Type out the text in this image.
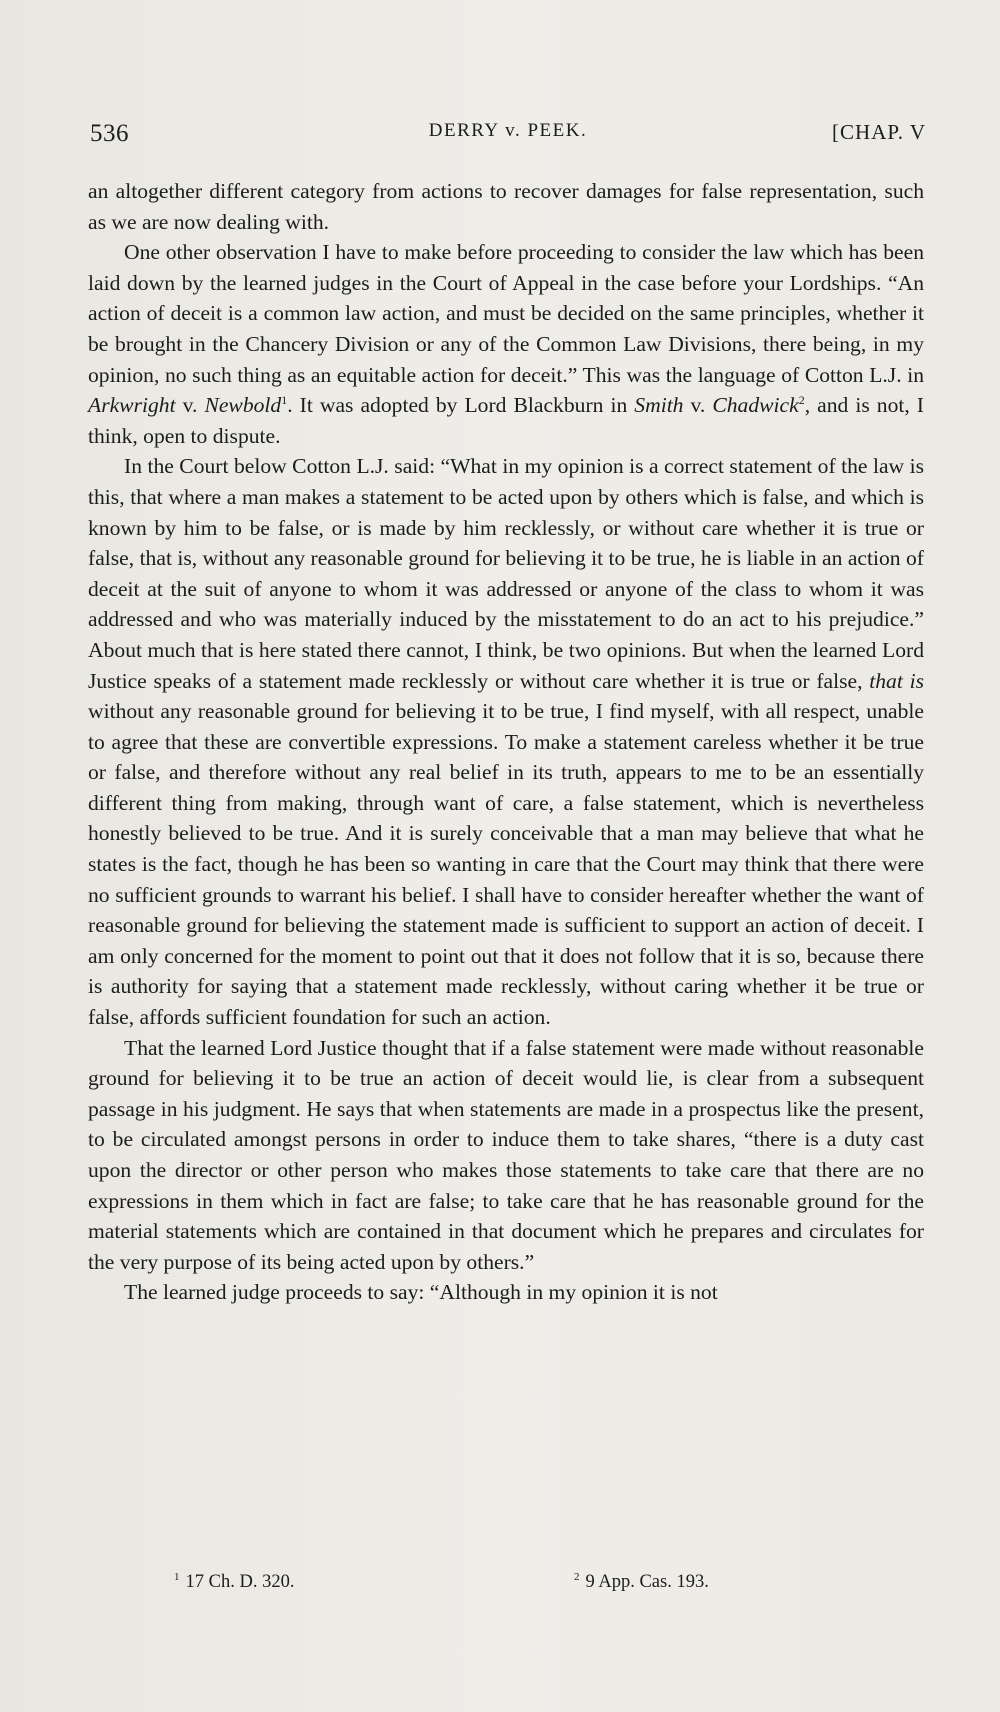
536	DERRY v. PEEK.	[CHAP. V

an altogether different category from actions to recover damages for false representation, such as we are now dealing with.

One other observation I have to make before proceeding to consider the law which has been laid down by the learned judges in the Court of Appeal in the case before your Lordships. “An action of deceit is a common law action, and must be decided on the same principles, whether it be brought in the Chancery Division or any of the Common Law Divisions, there being, in my opinion, no such thing as an equitable action for deceit.” This was the language of Cotton L.J. in Arkwright v. Newbold$^1$. It was adopted by Lord Blackburn in Smith v. Chadwick$^2$, and is not, I think, open to dispute.

In the Court below Cotton L.J. said: “What in my opinion is a correct statement of the law is this, that where a man makes a statement to be acted upon by others which is false, and which is known by him to be false, or is made by him recklessly, or without care whether it is true or false, that is, without any reasonable ground for believing it to be true, he is liable in an action of deceit at the suit of anyone to whom it was addressed or anyone of the class to whom it was addressed and who was materially induced by the misstatement to do an act to his prejudice.” About much that is here stated there cannot, I think, be two opinions. But when the learned Lord Justice speaks of a statement made recklessly or without care whether it is true or false, that is without any reasonable ground for believing it to be true, I find myself, with all respect, unable to agree that these are convertible expressions. To make a statement careless whether it be true or false, and therefore without any real belief in its truth, appears to me to be an essentially different thing from making, through want of care, a false statement, which is nevertheless honestly believed to be true. And it is surely conceivable that a man may believe that what he states is the fact, though he has been so wanting in care that the Court may think that there were no sufficient grounds to warrant his belief. I shall have to consider hereafter whether the want of reasonable ground for believing the statement made is sufficient to support an action of deceit. I am only concerned for the moment to point out that it does not follow that it is so, because there is authority for saying that a statement made recklessly, without caring whether it be true or false, affords sufficient foundation for such an action.

That the learned Lord Justice thought that if a false statement were made without reasonable ground for believing it to be true an action of deceit would lie, is clear from a subsequent passage in his judgment. He says that when statements are made in a prospectus like the present, to be circulated amongst persons in order to induce them to take shares, “there is a duty cast upon the director or other person who makes those statements to take care that there are no expressions in them which in fact are false; to take care that he has reasonable ground for the material statements which are contained in that document which he prepares and circulates for the very purpose of its being acted upon by others.”

The learned judge proceeds to say: “Although in my opinion it is not

$^1$ 17 Ch. D. 320.	$^2$ 9 App. Cas. 193.
